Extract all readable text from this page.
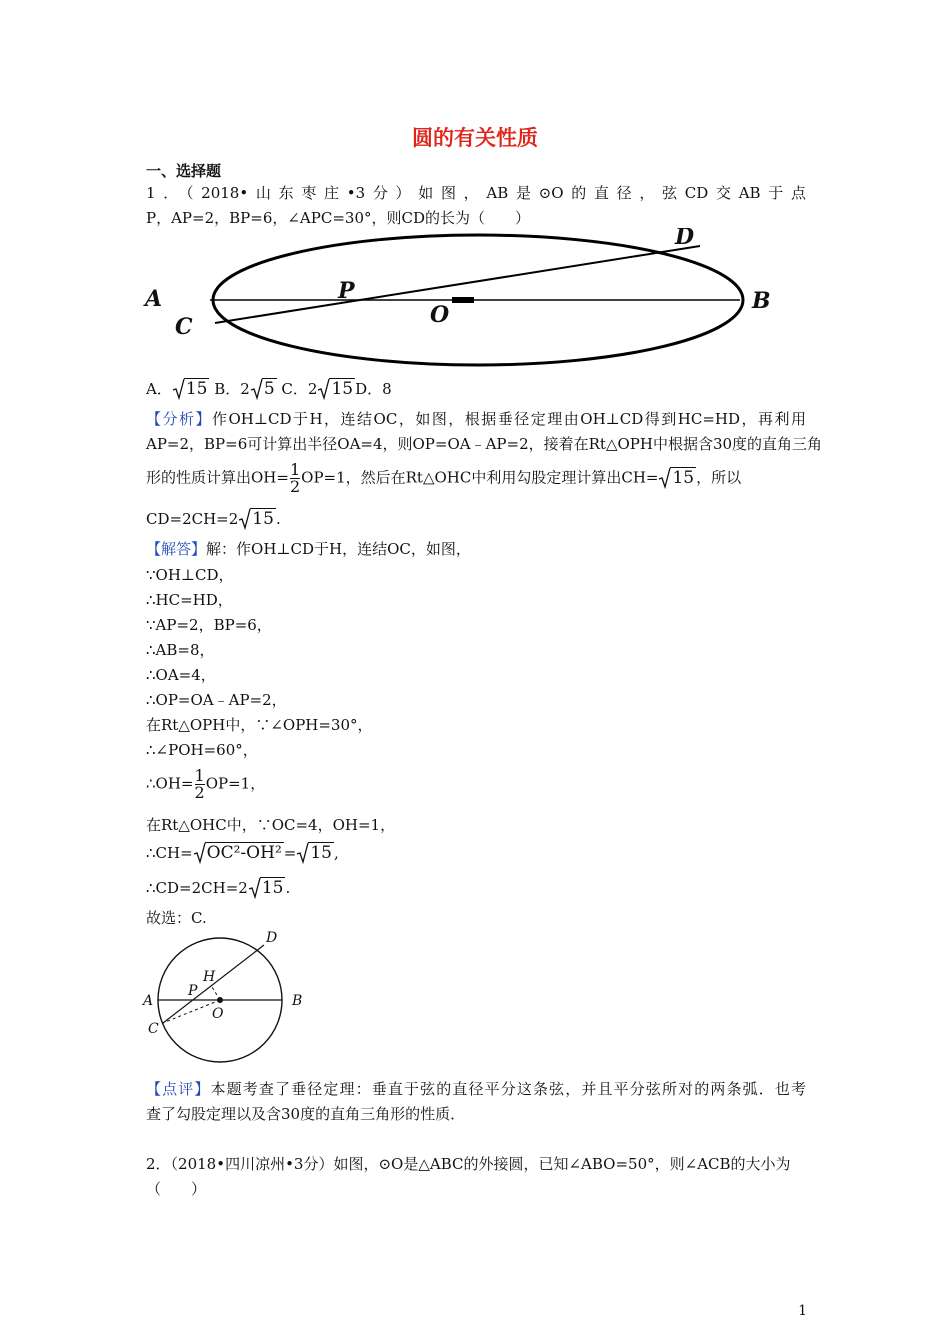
圆的有关性质
一、选择题
1．（2018•山东枣庄•3分）如图，AB是⊙O的直径，弦CD交AB于点
P，AP=2，BP=6，∠APC=30°，则CD的长为（　　）
A	B
C
D
O
P
A． 15 B．2 5 C．2 15 D．8
【分析】作OH⊥CD于H，连结OC，如图，根据垂径定理由OH⊥CD得到HC=HD，再利用
AP=2，BP=6可计算出半径OA=4，则OP=OA﹣AP=2，接着在Rt△OPH中根据含30度的直角三角
形的性质计算出$OH= \frac{1}{2} OP=1$，然后在Rt△OHC中利用勾股定理计算出CH= 15 ，所以
CD=2CH=2 15 .
【解答】解：作OH⊥CD于H，连结OC，如图，
∵OH⊥CD，
∴HC=HD，
∵AP=2，BP=6，
∴AB=8，
∴OA=4，
∴OP=OA﹣AP=2，
在Rt△OPH中，∵∠OPH=30°，
∴∠POH=60°，
∴OH= $\frac{1}{2} OP=1$，
在Rt△OHC中，∵OC=4，OH=1，
∴CH= OC²-OH² = 15 ,
∴CD=2CH=2 15 .
故选：C.
A	B
C
D
H
O
P
【点评】本题考查了垂径定理：垂直于弦的直径平分这条弦，并且平分弦所对的两条弧．也考
查了勾股定理以及含30度的直角三角形的性质．
2．（2018•四川凉州•3分）如图，⊙O是△ABC的外接圆，已知∠ABO=50°，则∠ACB的大小为
（　　）
1
